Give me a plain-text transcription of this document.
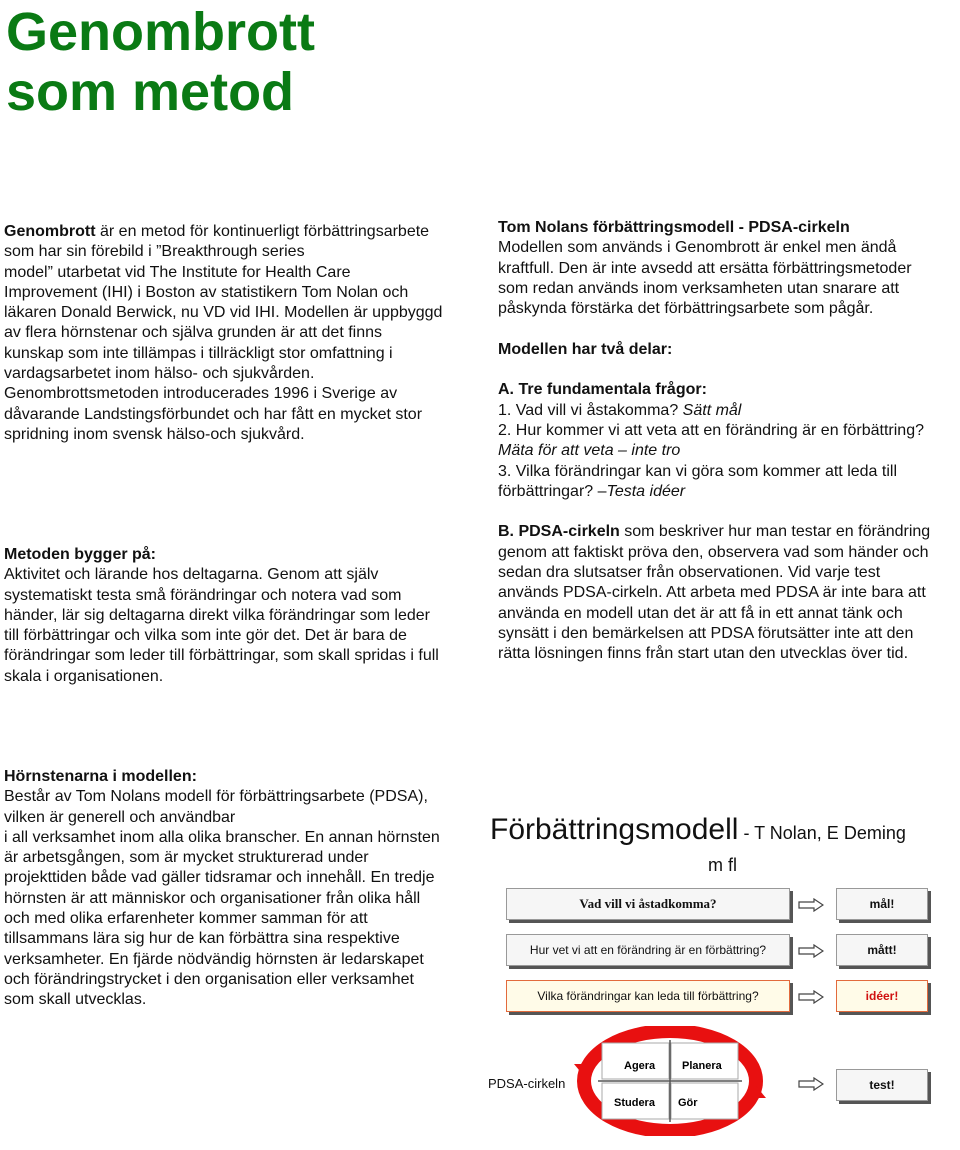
Genombrott
som metod

Genombrott är en metod för kontinuerligt förbättringsarbete som har sin förebild i ”Breakthrough series
model” utarbetat vid The Institute for Health Care Improvement (IHI) i Boston av statistikern Tom Nolan och läkaren Donald Berwick, nu VD vid IHI. Modellen är uppbyggd av flera hörnstenar och själva grunden är att det finns kunskap som inte tillämpas i tillräckligt stor omfattning i vardagsarbetet inom hälso- och sjukvården. Genombrottsmetoden introducerades 1996 i Sverige av dåvarande Landstingsförbundet och har fått en mycket stor spridning inom svensk hälso-och sjukvård.

Metoden bygger på:

Aktivitet och lärande hos deltagarna. Genom att själv systematiskt testa små förändringar och notera vad som
händer, lär sig deltagarna direkt vilka förändringar som leder till förbättringar och vilka som inte gör det. Det är bara de förändringar som leder till förbättringar, som skall spridas i full skala i organisationen.

Hörnstenarna i modellen:

Består av Tom Nolans modell för förbättringsarbete (PDSA), vilken är generell och användbar
i all verksamhet inom alla olika branscher. En annan hörnsten är arbetsgången, som är mycket strukturerad under projekttiden både vad gäller tidsramar och innehåll. En tredje hörnsten är att människor och organisationer från olika håll och med olika erfarenheter kommer samman för att tillsammans lära sig hur de kan förbättra sina respektive verksamheter. En fjärde nödvändig hörnsten är ledarskapet och förändringstrycket i den organisation eller verksamhet som skall utvecklas.

Tom Nolans förbättringsmodell - PDSA-cirkeln

Modellen som används i Genombrott är enkel men ändå kraftfull. Den är inte avsedd att ersätta förbättringsmetoder som redan används inom verksamheten utan snarare att påskynda förstärka det förbättringsarbete som pågår.

Modellen har två delar:

A. Tre fundamentala frågor:

1. Vad vill vi åstakomma? Sätt mål

2. Hur kommer vi att veta att en förändring är en förbättring? Mäta för att veta – inte tro

3. Vilka förändringar kan vi göra som kommer att leda till förbättringar? –Testa idéer

B. PDSA-cirkeln som beskriver hur man testar en förändring genom att faktiskt pröva den, observera vad som händer och sedan dra slutsatser från observationen. Vid varje test används PDSA-cirkeln. Att arbeta med PDSA är inte bara att använda en modell utan det är att få in ett annat tänk och synsätt i den bemärkelsen att PDSA förutsätter inte att den rätta lösningen finns från start utan den utvecklas över tid.

Förbättringsmodell - T Nolan, E Deming
m fl
Vad vill vi åstadkomma?	mål!
Hur vet vi att en förändring är en förbättring?	mått!
Vilka förändringar kan leda till förbättring?	idéer!
PDSA-cirkeln
Agera Planera
Studera Gör
test!
